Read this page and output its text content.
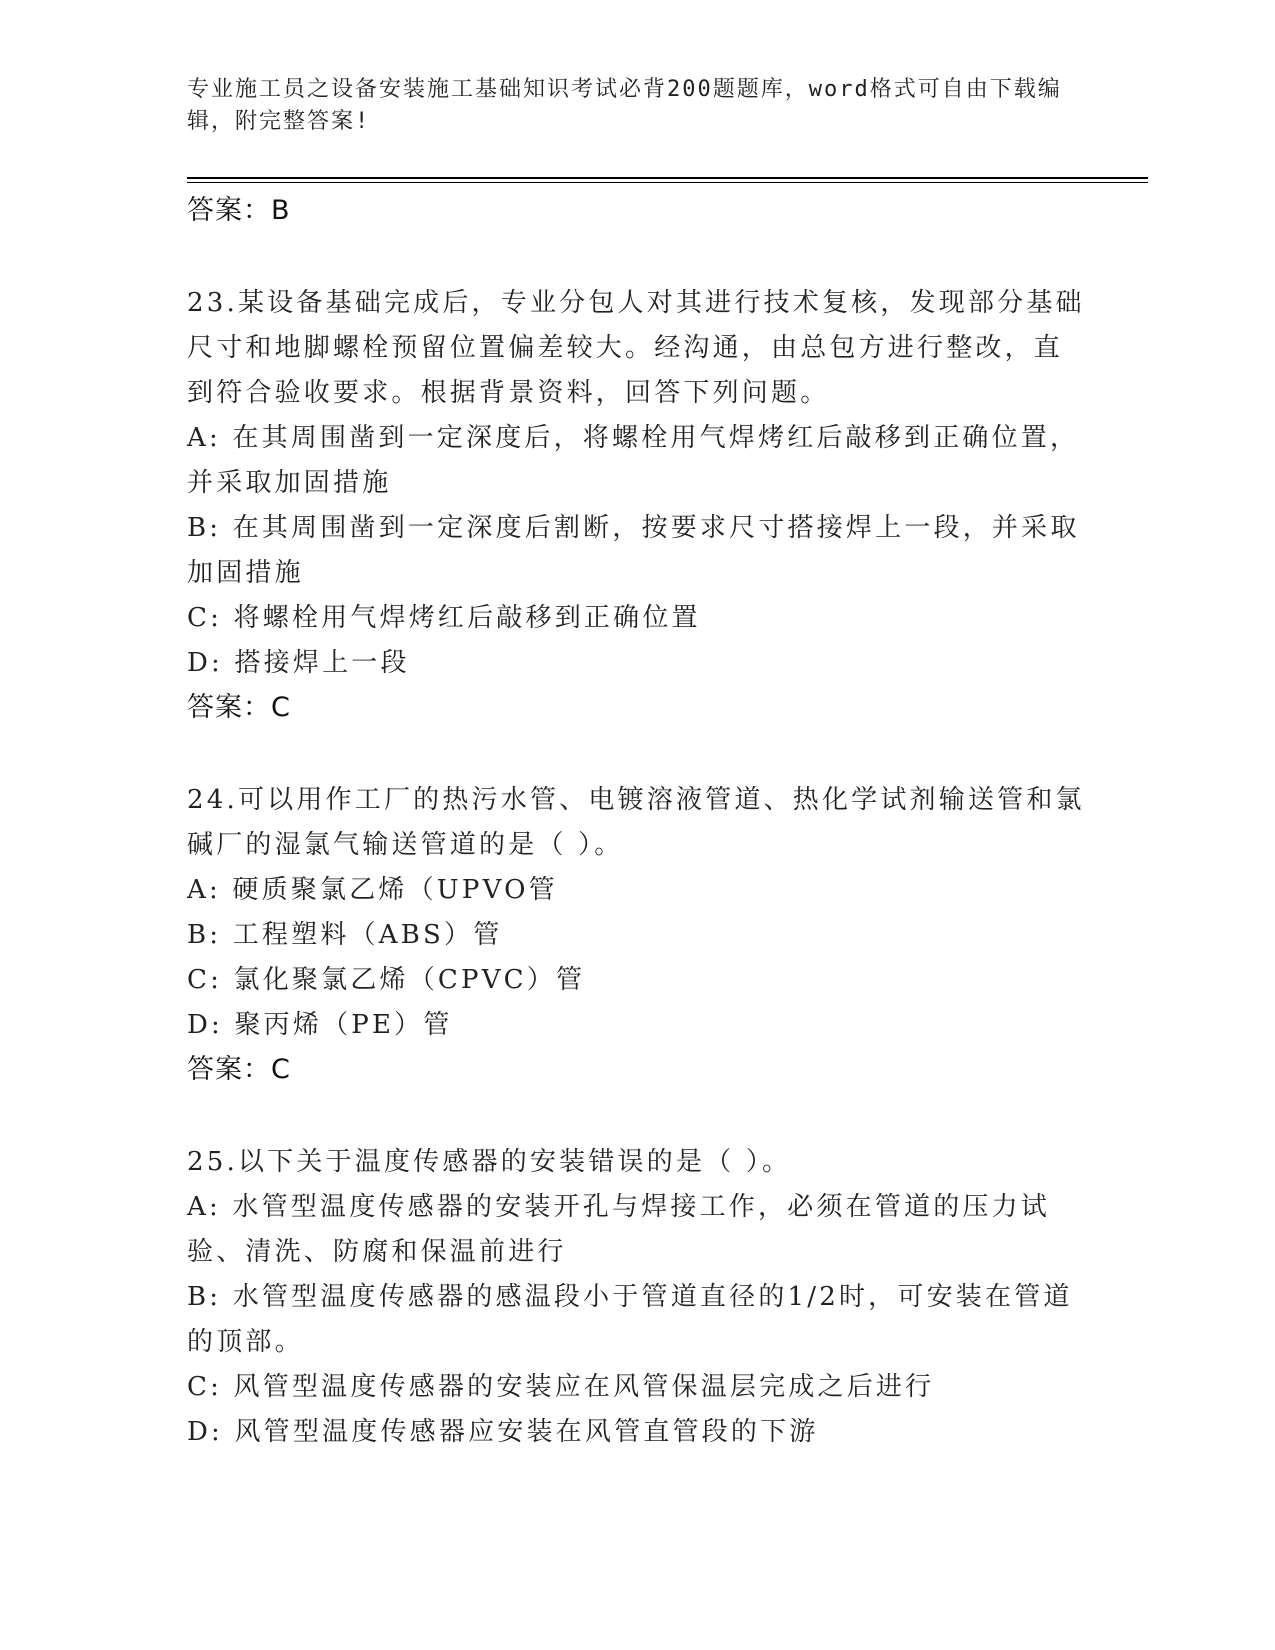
专业施工员之设备安装施工基础知识考试必背200题题库，word格式可自由下载编辑，附完整答案!

答案：B

23.某设备基础完成后，专业分包人对其进行技术复核，发现部分基础尺寸和地脚螺栓预留位置偏差较大。经沟通，由总包方进行整改，直到符合验收要求。根据背景资料，回答下列问题。

A: 在其周围凿到一定深度后，将螺栓用气焊烤红后敲移到正确位置，并采取加固措施

B: 在其周围凿到一定深度后割断，按要求尺寸搭接焊上一段，并采取加固措施

C: 将螺栓用气焊烤红后敲移到正确位置

D: 搭接焊上一段

答案：C

24.可以用作工厂的热污水管、电镀溶液管道、热化学试剂输送管和氯碱厂的湿氯气输送管道的是（ ）。

A: 硬质聚氯乙烯（UPVO管

B: 工程塑料（ABS）管

C: 氯化聚氯乙烯（CPVC）管

D: 聚丙烯（PE）管

答案：C

25.以下关于温度传感器的安装错误的是（ ）。

A: 水管型温度传感器的安装开孔与焊接工作，必须在管道的压力试验、清洗、防腐和保温前进行

B: 水管型温度传感器的感温段小于管道直径的1/2时，可安装在管道的顶部。

C: 风管型温度传感器的安装应在风管保温层完成之后进行

D: 风管型温度传感器应安装在风管直管段的下游
